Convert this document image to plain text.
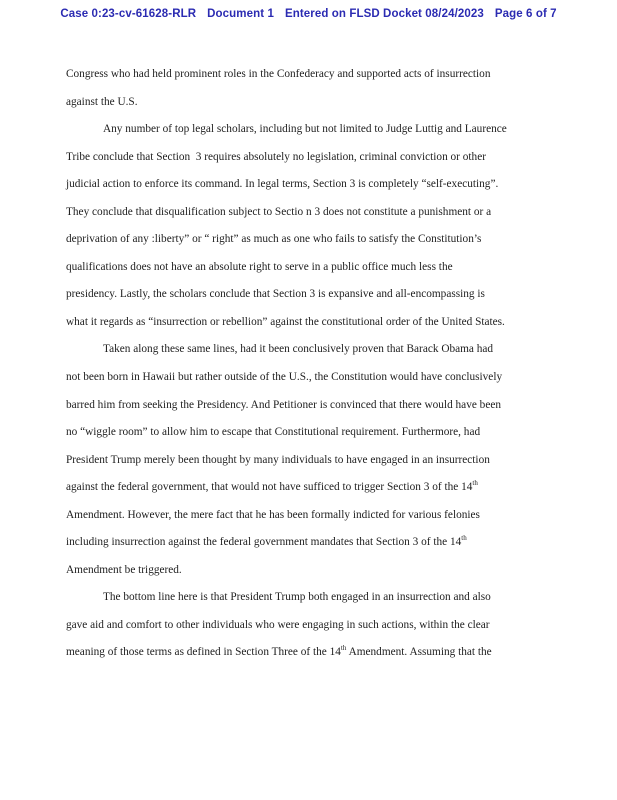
Case 0:23-cv-61628-RLR Document 1 Entered on FLSD Docket 08/24/2023 Page 6 of 7
Congress who had held prominent roles in the Confederacy and supported acts of insurrection
against the U.S.
Any number of top legal scholars, including but not limited to Judge Luttig and Laurence
Tribe conclude that Section  3 requires absolutely no legislation, criminal conviction or other
judicial action to enforce its command. In legal terms, Section 3 is completely “self-executing”.
They conclude that disqualification subject to Sectio n 3 does not constitute a punishment or a
deprivation of any :liberty” or “ right” as much as one who fails to satisfy the Constitution’s
qualifications does not have an absolute right to serve in a public office much less the
presidency. Lastly, the scholars conclude that Section 3 is expansive and all-encompassing is
what it regards as “insurrection or rebellion” against the constitutional order of the United States.
Taken along these same lines, had it been conclusively proven that Barack Obama had
not been born in Hawaii but rather outside of the U.S., the Constitution would have conclusively
barred him from seeking the Presidency. And Petitioner is convinced that there would have been
no “wiggle room” to allow him to escape that Constitutional requirement. Furthermore, had
President Trump merely been thought by many individuals to have engaged in an insurrection
against the federal government, that would not have sufficed to trigger Section 3 of the 14th
Amendment. However, the mere fact that he has been formally indicted for various felonies
including insurrection against the federal government mandates that Section 3 of the 14th
Amendment be triggered.
The bottom line here is that President Trump both engaged in an insurrection and also
gave aid and comfort to other individuals who were engaging in such actions, within the clear
meaning of those terms as defined in Section Three of the 14th Amendment. Assuming that the
